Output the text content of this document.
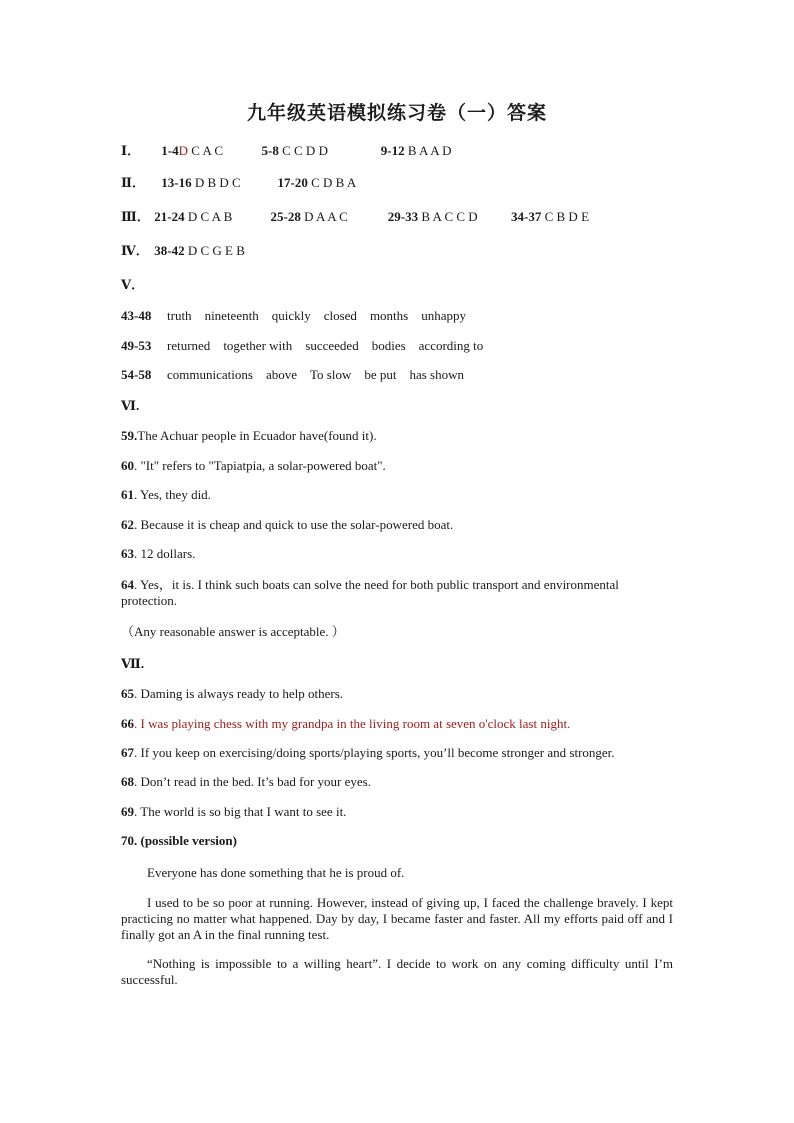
九年级英语模拟练习卷（一）答案
Ⅰ． 1-4D C A C	5-8 C C D D	9-12 B A A D
Ⅱ． 13-16 D B D C	17-20 C D B A
Ⅲ． 21-24 D C A B	25-28 D A A C	29-33 B A C C D	34-37 C B D E
Ⅳ． 38-42 D C G E B
Ⅴ．
43-48 truth nineteenth quickly closed months unhappy
49-53 returned together with succeeded bodies according to
54-58 communications above To slow be put has shown
Ⅵ.
59.The Achuar people in Ecuador have(found it).
60. "It" refers to "Tapiatpia, a solar-powered boat".
61. Yes, they did.
62. Because it is cheap and quick to use the solar-powered boat.
63. 12 dollars.
64. Yes，it is. I think such boats can solve the need for both public transport and environmental protection.
（Any reasonable answer is acceptable. ）
Ⅶ.
65. Daming is always ready to help others.
66. I was playing chess with my grandpa in the living room at seven o'clock last night.
67. If you keep on exercising/doing sports/playing sports, you’ll become stronger and stronger.
68. Don’t read in the bed. It’s bad for your eyes.
69. The world is so big that I want to see it.
70. (possible version)
Everyone has done something that he is proud of.
I used to be so poor at running. However, instead of giving up, I faced the challenge bravely. I kept practicing no matter what happened. Day by day, I became faster and faster. All my efforts paid off and I finally got an A in the final running test.
“Nothing is impossible to a willing heart”. I decide to work on any coming difficulty until I’m successful.
